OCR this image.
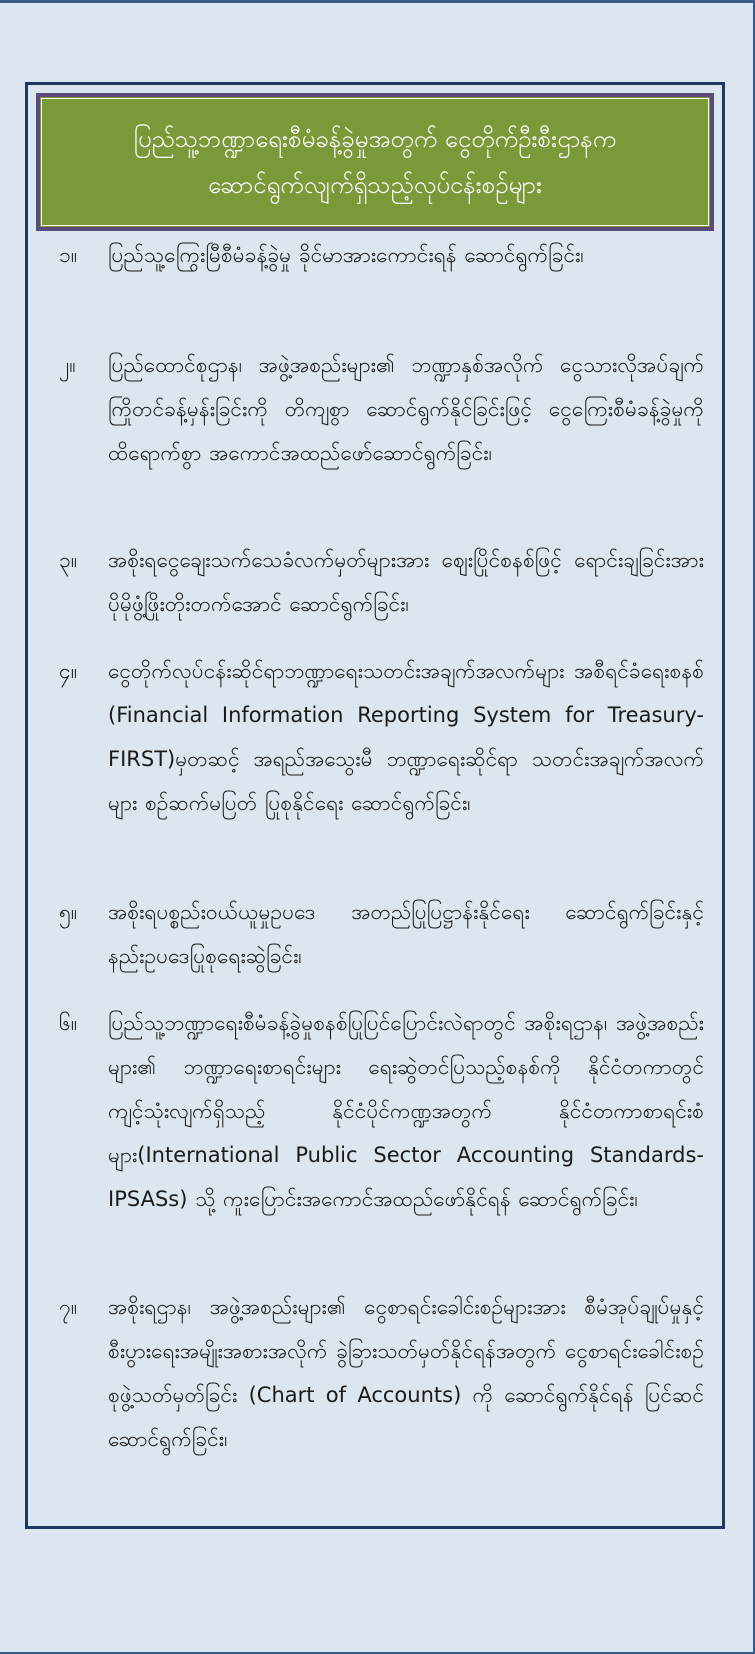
ပြည်သူ့ဘဏ္ဍာရေးစီမံခန့်ခွဲမှုအတွက် ငွေတိုက်ဦးစီးဌာနက
ဆောင်ရွက်လျက်ရှိသည့်လုပ်ငန်းစဉ်များ
၁။ ပြည်သူ့ကြွေးမြီစီမံခန့်ခွဲမှု ခိုင်မာအားကောင်းရန် ဆောင်ရွက်ခြင်း၊
၂။ ပြည်ထောင်စုဌာန၊ အဖွဲ့အစည်းများ၏ ဘဏ္ဍာနှစ်အလိုက် ငွေသားလိုအပ်ချက် ကြိုတင်ခန့်မှန်းခြင်းကို တိကျစွာ ဆောင်ရွက်နိုင်ခြင်းဖြင့် ငွေကြေးစီမံခန့်ခွဲမှုကို ထိရောက်စွာ အကောင်အထည်ဖော်ဆောင်ရွက်ခြင်း၊
၃။ အစိုးရငွေချေးသက်သေခံလက်မှတ်များအား ဈေးပြိုင်စနစ်ဖြင့် ရောင်းချခြင်းအား ပိုမိုဖွံ့ဖြိုးတိုးတက်အောင် ဆောင်ရွက်ခြင်း၊
၄။ ငွေတိုက်လုပ်ငန်းဆိုင်ရာဘဏ္ဍာရေးသတင်းအချက်အလက်များ အစီရင်ခံရေးစနစ် (Financial Information Reporting System for Treasury-FIRST)မှတဆင့် အရည်အသွေးမီ ဘဏ္ဍာရေးဆိုင်ရာ သတင်းအချက်အလက်များ စဉ်ဆက်မပြတ် ပြုစုနိုင်ရေး ဆောင်ရွက်ခြင်း၊
၅။ အစိုးရပစ္စည်းဝယ်ယူမှုဥပဒေ အတည်ပြုပြဋ္ဌာန်းနိုင်ရေး ဆောင်ရွက်ခြင်းနှင့် နည်းဥပဒေပြုစုရေးဆွဲခြင်း၊
၆။ ပြည်သူ့ဘဏ္ဍာရေးစီမံခန့်ခွဲမှုစနစ်ပြုပြင်ပြောင်းလဲရာတွင် အစိုးရဌာန၊ အဖွဲ့အစည်းများ၏ ဘဏ္ဍာရေးစာရင်းများ ရေးဆွဲတင်ပြသည့်စနစ်ကို နိုင်ငံတကာတွင် ကျင့်သုံးလျက်ရှိသည့် နိုင်ငံပိုင်ကဏ္ဍအတွက် နိုင်ငံတကာစာရင်းစံများ(International Public Sector Accounting Standards-IPSASs) သို့ ကူးပြောင်းအကောင်အထည်ဖော်နိုင်ရန် ဆောင်ရွက်ခြင်း၊
၇။ အစိုးရဌာန၊ အဖွဲ့အစည်းများ၏ ငွေစာရင်းခေါင်းစဉ်များအား စီမံအုပ်ချုပ်မှုနှင့်စီးပွားရေးအမျိုးအစားအလိုက် ခွဲခြားသတ်မှတ်နိုင်ရန်အတွက် ငွေစာရင်းခေါင်းစဉ်စုဖွဲ့သတ်မှတ်ခြင်း (Chart of Accounts) ကို ဆောင်ရွက်နိုင်ရန် ပြင်ဆင်ဆောင်ရွက်ခြင်း၊
